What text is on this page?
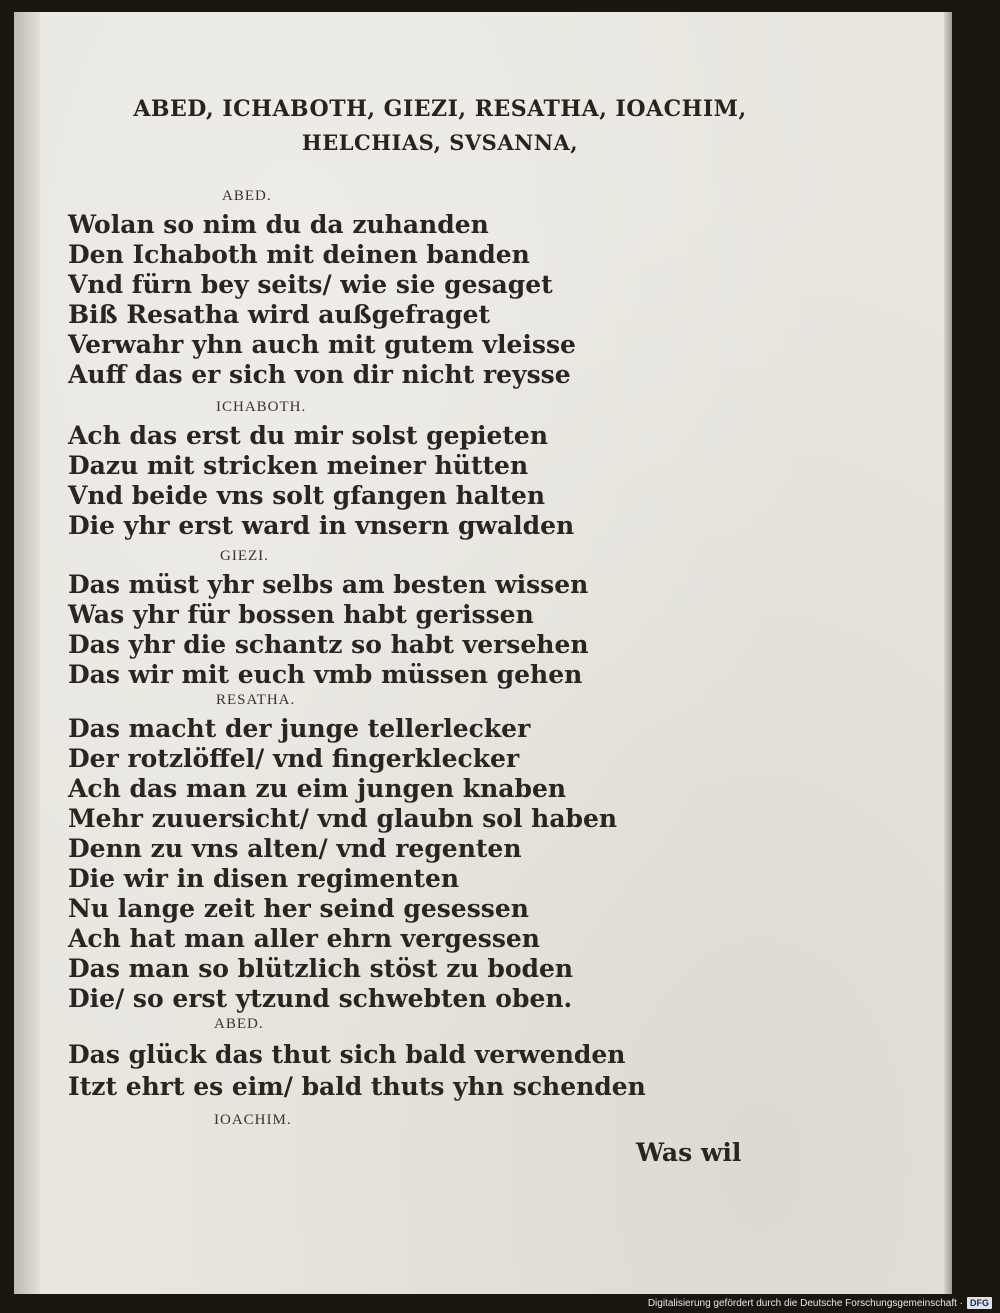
ABED, ICHABOTH, GIEZI, RESATHA, IOACHIM,
HELCHIAS, SVSANNA,
ABED.
Wolan so nim du da zuhanden
Den Ichaboth mit deinen banden
Vnd fürn bey seits/ wie sie gesaget
Biß Resatha wird außgefraget
Verwahr yhn auch mit gutem vleisse
Auff das er sich von dir nicht reysse
ICHABOTH.
Ach das erst du mir solst gepieten
Dazu mit stricken meiner hütten
Vnd beide vns solt gfangen halten
Die yhr erst ward in vnsern gwalden
GIEZI.
Das müst yhr selbs am besten wissen
Was yhr für bossen habt gerissen
Das yhr die schantz so habt versehen
Das wir mit euch vmb müssen gehen
RESATHA.
Das macht der junge tellerlecker
Der rotzlöffel/ vnd fingerklecker
Ach das man zu eim jungen knaben
Mehr zuuersicht/ vnd glaubn sol haben
Denn zu vns alten/ vnd regenten
Die wir in disen regimenten
Nu lange zeit her seind gesessen
Ach hat man aller ehrn vergessen
Das man so blützlich stöst zu boden
Die/ so erst ytzund schwebten oben.
ABED.
Das glück das thut sich bald verwenden
Itzt ehrt es eim/ bald thuts yhn schenden
IOACHIM.
Was wil
Digitalisierung gefördert durch die Deutsche Forschungsgemeinschaft · DFG
